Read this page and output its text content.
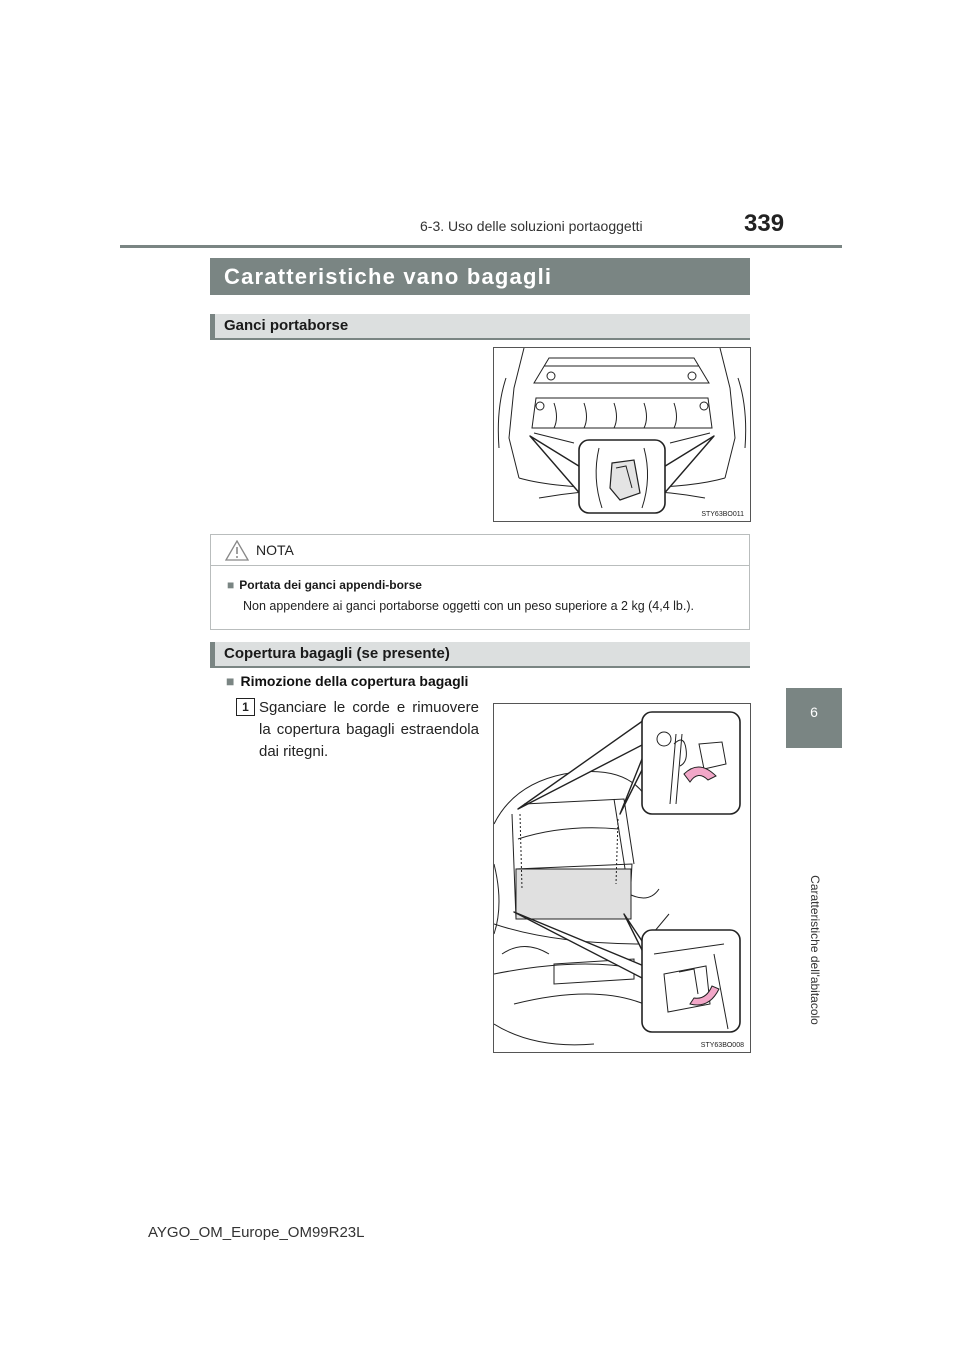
6-3. Uso delle soluzioni portaoggetti	339
6
Caratteristiche dell'abitacolo
Caratteristiche vano bagagli
Ganci portaborse
STY63BO011
NOTA
■ Portata dei ganci appendi-borse
Non appendere ai ganci portaborse oggetti con un peso superiore a 2 kg (4,4 lb.).
Copertura bagagli (se presente)
■ Rimozione della copertura bagagli
1 Sganciare le corde e rimuovere la copertura bagagli estraendola dai ritegni.
STY63BO008
AYGO_OM_Europe_OM99R23L
